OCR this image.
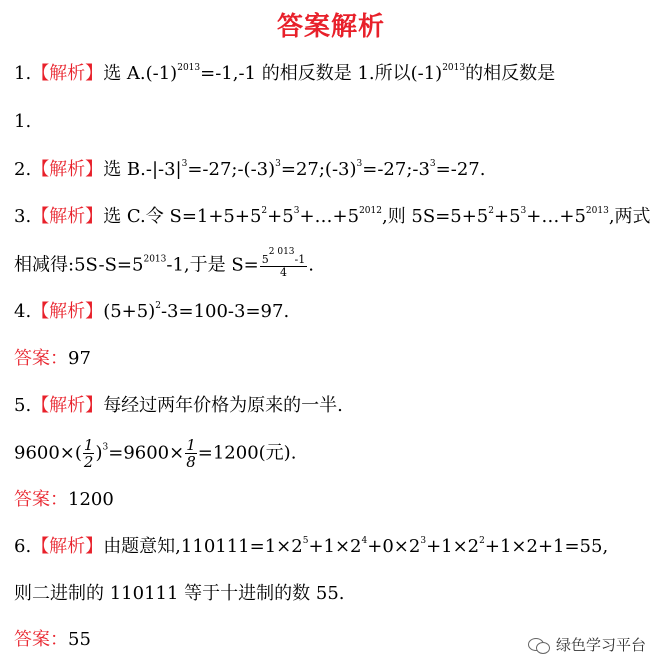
答案解析
1.【解析】选 $A.(-1)^{2013}=-1,-1$ 的相反数是 1.所以$(-1)^{2013}$的相反数是
1.
2.【解析】选 $B.-|-3|^3=-27;-(-3)^3=27;(-3)^3=-27;-3^3=-27$.
3.【解析】选 C.令 $S=1+5+5^2+5^3+\dots+5^{2012}$,则 $5S=5+5^2+5^3+\dots+5^{2013}$,两式
相减得$:5S-S=5^{2013}-1$,于是 $S= \frac{5^{2 013}-1}{4}$ .
4.【解析】$(5+5)^2-3=100-3=97$.
答案：97
5.【解析】每经过两年价格为原来的一半.
$9600\times( \frac{1}{2} )^3=9600\times \frac{1}{8} =1200$(元).
答案：1200
6.【解析】由题意知$,110111=1\times 2^5+1\times 2^4+0\times 2^3+1\times 2^2+1\times 2+1=55$,
则二进制的 110111 等于十进制的数 55.
答案：55	绿色学习平台
